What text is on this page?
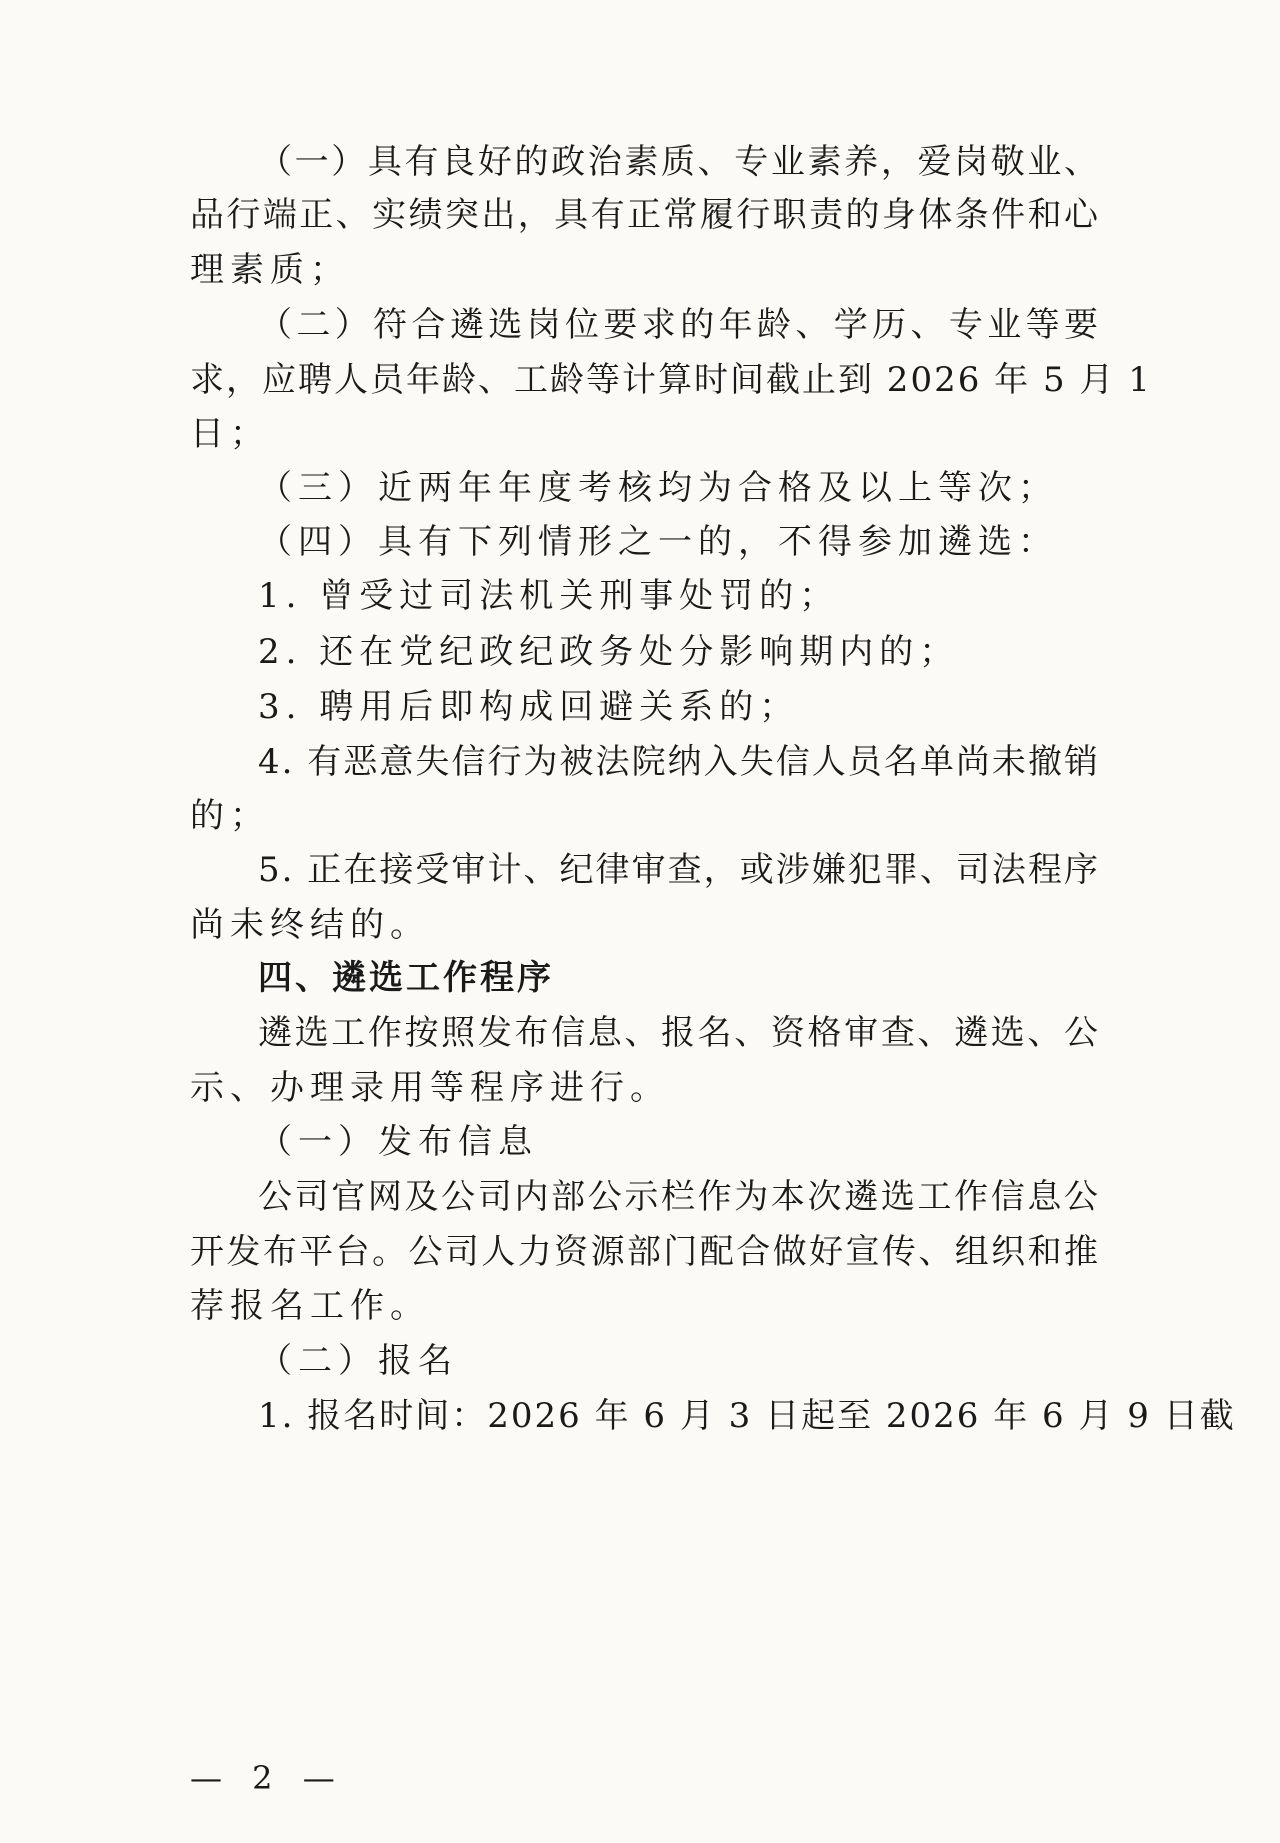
（一）具有良好的政治素质、专业素养，爱岗敬业、
品行端正、实绩突出，具有正常履行职责的身体条件和心
理素质；
（二）符合遴选岗位要求的年龄、学历、专业等要
求，应聘人员年龄、工龄等计算时间截止到 2026 年 5 月 1
日；
（三）近两年年度考核均为合格及以上等次；
（四）具有下列情形之一的，不得参加遴选：
1. 曾受过司法机关刑事处罚的；
2. 还在党纪政纪政务处分影响期内的；
3. 聘用后即构成回避关系的；
4. 有恶意失信行为被法院纳入失信人员名单尚未撤销
的；
5. 正在接受审计、纪律审查，或涉嫌犯罪、司法程序
尚未终结的。
四、遴选工作程序
遴选工作按照发布信息、报名、资格审查、遴选、公
示、办理录用等程序进行。
（一）发布信息
公司官网及公司内部公示栏作为本次遴选工作信息公
开发布平台。公司人力资源部门配合做好宣传、组织和推
荐报名工作。
（二）报名
1. 报名时间：2026 年 6 月 3 日起至 2026 年 6 月 9 日截
— 2 —
